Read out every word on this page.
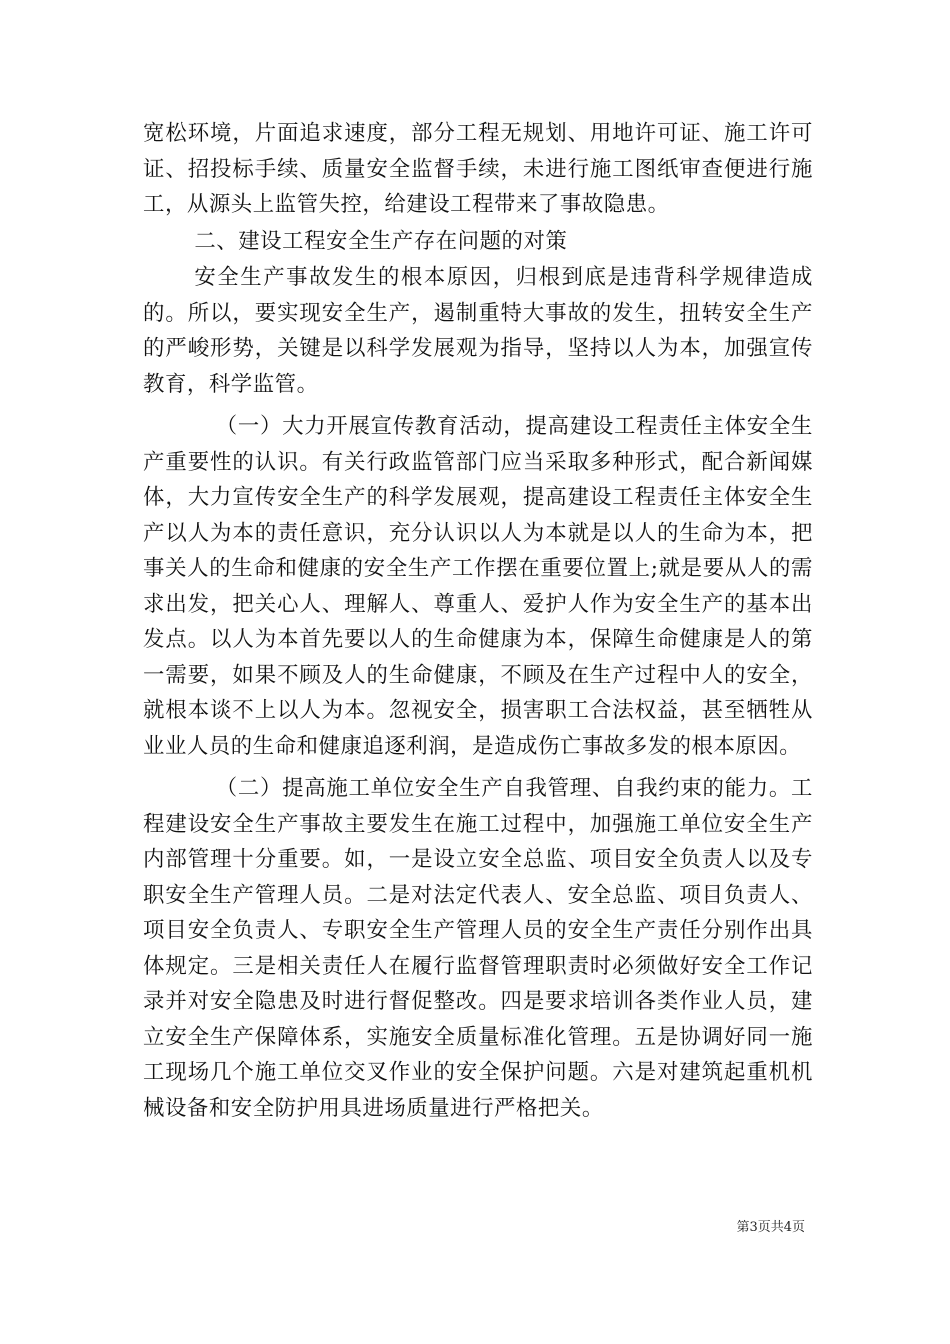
宽松环境，片面追求速度，部分工程无规划、用地许可证、施工许可证、招投标手续、质量安全监督手续，未进行施工图纸审查便进行施工，从源头上监管失控，给建设工程带来了事故隐患。

二、建设工程安全生产存在问题的对策

安全生产事故发生的根本原因，归根到底是违背科学规律造成的。所以，要实现安全生产，遏制重特大事故的发生，扭转安全生产的严峻形势，关键是以科学发展观为指导，坚持以人为本，加强宣传教育，科学监管。

（一）大力开展宣传教育活动，提高建设工程责任主体安全生产重要性的认识。有关行政监管部门应当采取多种形式，配合新闻媒体，大力宣传安全生产的科学发展观，提高建设工程责任主体安全生产以人为本的责任意识，充分认识以人为本就是以人的生命为本，把事关人的生命和健康的安全生产工作摆在重要位置上;就是要从人的需求出发，把关心人、理解人、尊重人、爱护人作为安全生产的基本出发点。以人为本首先要以人的生命健康为本，保障生命健康是人的第一需要，如果不顾及人的生命健康，不顾及在生产过程中人的安全，就根本谈不上以人为本。忽视安全，损害职工合法权益，甚至牺牲从业业人员的生命和健康追逐利润，是造成伤亡事故多发的根本原因。

（二）提高施工单位安全生产自我管理、自我约束的能力。工程建设安全生产事故主要发生在施工过程中，加强施工单位安全生产内部管理十分重要。如，一是设立安全总监、项目安全负责人以及专职安全生产管理人员。二是对法定代表人、安全总监、项目负责人、项目安全负责人、专职安全生产管理人员的安全生产责任分别作出具体规定。三是相关责任人在履行监督管理职责时必须做好安全工作记录并对安全隐患及时进行督促整改。四是要求培训各类作业人员，建立安全生产保障体系，实施安全质量标准化管理。五是协调好同一施工现场几个施工单位交叉作业的安全保护问题。六是对建筑起重机机械设备和安全防护用具进场质量进行严格把关。

第3页共4页
